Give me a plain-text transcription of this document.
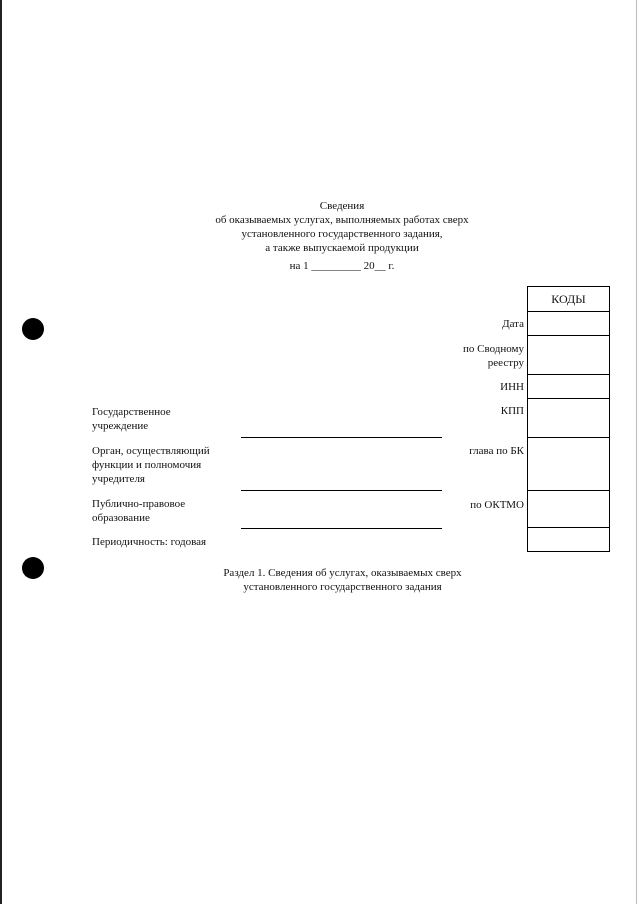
Сведения
об оказываемых услугах, выполняемых работах сверх
установленного государственного задания,
а также выпускаемой продукции
на 1 _________ 20__ г.
КОДЫ
Дата
по Сводному
реестру
ИНН
КПП
глава по БК
по ОКТМО
Государственное
учреждение
Орган, осуществляющий
функции и полномочия
учредителя
Публично-правовое
образование
Периодичность: годовая
Раздел 1. Сведения об услугах, оказываемых сверх
установленного государственного задания
